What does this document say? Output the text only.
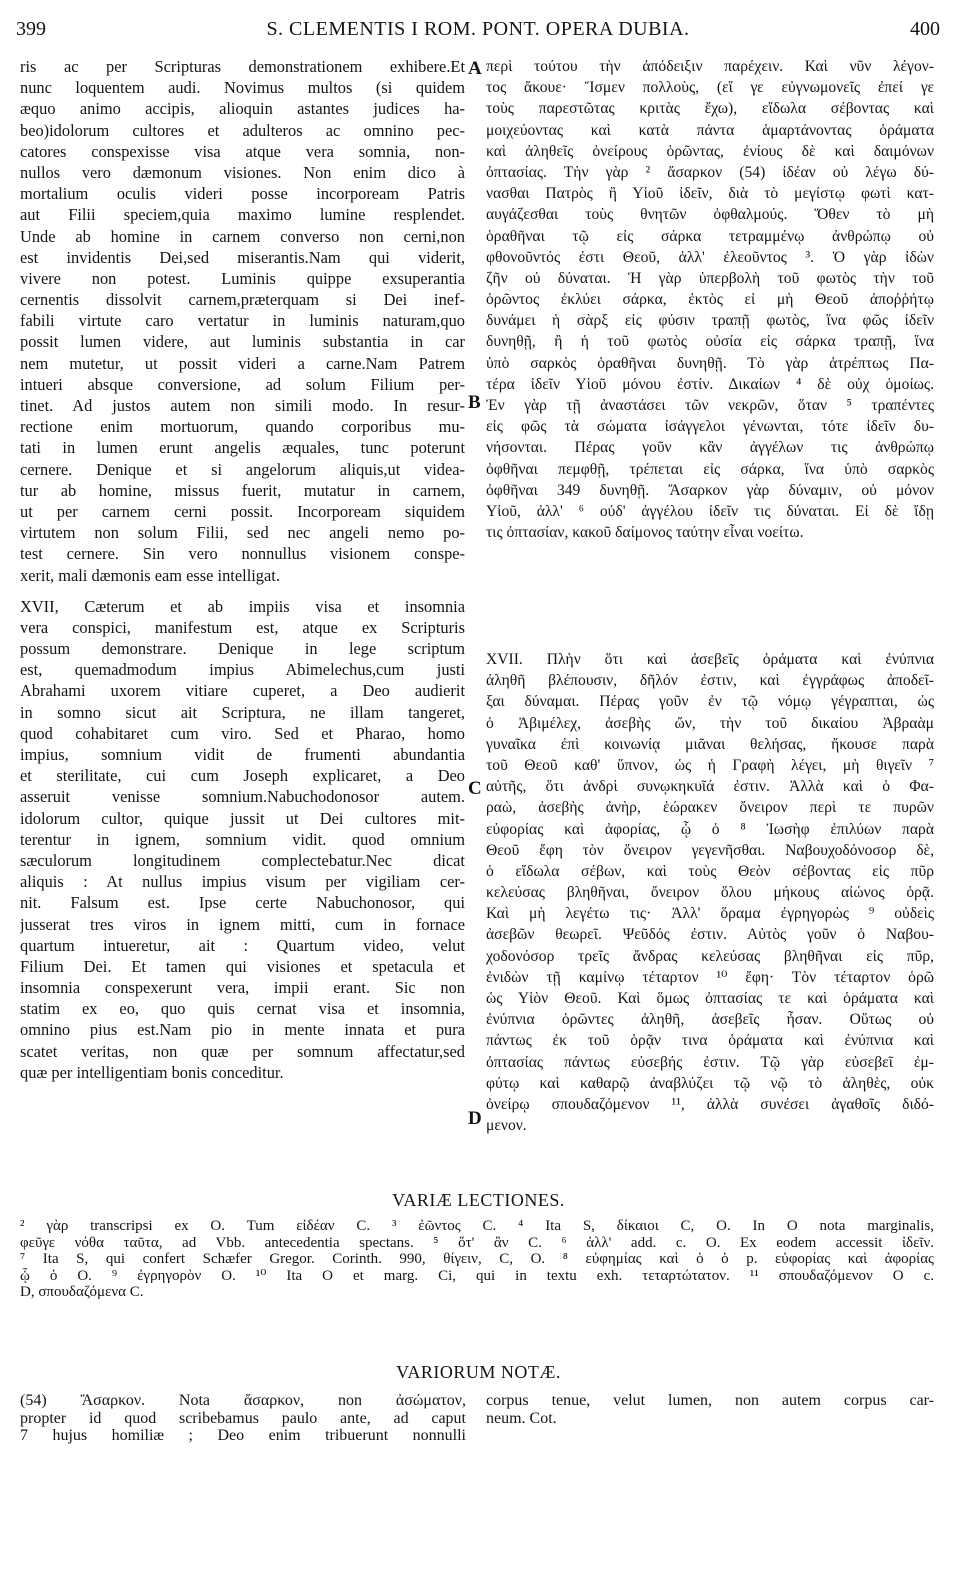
399	S. CLEMENTIS I ROM. PONT. OPERA DUBIA.	400
ris ac per Scripturas demonstrationem exhibere.Et
nunc loquentem audi. Novimus multos (si quidem
æquo animo accipis, alioquin astantes judices ha-
beo)idolorum cultores et adulteros ac omnino pec-
catores conspexisse visa atque vera somnia, non-
nullos vero dæmonum visiones. Non enim dico à
mortalium oculis videri posse incorpoream Patris
aut Filii speciem,quia maximo lumine resplendet.
Unde ab homine in carnem converso non cerni,non
est invidentis Dei,sed miserantis.Nam qui viderit,
vivere non potest. Luminis quippe exsuperantia
cernentis dissolvit carnem,præterquam si Dei inef-
fabili virtute caro vertatur in luminis naturam,quo
possit lumen videre, aut luminis substantia in car
nem mutetur, ut possit videri a carne.Nam Patrem
intueri absque conversione, ad solum Filium per-
tinet. Ad justos autem non simili modo. In resur-
rectione enim mortuorum, quando corporibus mu-
tati in lumen erunt angelis æquales, tunc poterunt
cernere. Denique et si angelorum aliquis,ut videa-
tur ab homine, missus fuerit, mutatur in carnem,
ut per carnem cerni possit. Incorpoream siquidem
virtutem non solum Filii, sed nec angeli nemo po-
test cernere. Sin vero nonnullus visionem conspe-
xerit, mali dæmonis eam esse intelligat.
XVII, Cæterum et ab impiis visa et insomnia
vera conspici, manifestum est, atque ex Scripturis
possum demonstrare. Denique in lege scriptum
est, quemadmodum impius Abimelechus,cum justi
Abrahami uxorem vitiare cuperet, a Deo audierit
in somno sicut ait Scriptura, ne illam tangeret,
quod cohabitaret cum viro. Sed et Pharao, homo
impius, somnium vidit de frumenti abundantia
et sterilitate, cui cum Joseph explicaret, a Deo
asseruit venisse somnium.Nabuchodonosor autem.
idolorum cultor, quique jussit ut Dei cultores mit-
terentur in ignem, somnium vidit. quod omnium
sæculorum longitudinem complectebatur.Nec dicat
aliquis : At nullus impius visum per vigiliam cer-
nit. Falsum est. Ipse certe Nabuchonosor, qui
jusserat tres viros in ignem mitti, cum in fornace
quartum intueretur, ait : Quartum video, velut
Filium Dei. Et tamen qui visiones et spetacula et
insomnia conspexerunt vera, impii erant. Sic non
statim ex eo, quo quis cernat visa et insomnia,
omnino pius est.Nam pio in mente innata et pura
scatet veritas, non quæ per somnum affectatur,sed
quæ per intelligentiam bonis conceditur.
περὶ τούτου τὴν ἀπόδειξιν παρέχειν. Καὶ νῦν λέγον-
τος ἄκουε· Ἴσμεν πολλοὺς, (εἴ γε εὐγνωμονεῖς ἐπεί γε
τοὺς παρεστῶτας κριτὰς ἔχω), εἴδωλα σέβοντας καὶ
μοιχεύοντας καὶ κατὰ πάντα ἁμαρτάνοντας ὁράματα
καὶ ἀληθεῖς ὀνείρους ὁρῶντας, ἐνίους δὲ καὶ δαιμόνων
ὀπτασίας. Τὴν γὰρ ² ἄσαρκον (54) ἰδέαν οὐ λέγω δύ-
νασθαι Πατρὸς ἢ Υἱοῦ ἰδεῖν, διὰ τὸ μεγίστῳ φωτὶ κατ-
αυγάζεσθαι τοὺς θνητῶν ὀφθαλμούς. Ὅθεν τὸ μὴ
ὁραθῆναι τῷ εἰς σάρκα τετραμμένῳ ἀνθρώπῳ οὐ
φθονοῦντός ἐστι Θεοῦ, ἀλλ' ἐλεοῦντος ³. Ὁ γὰρ ἰδὼν
ζῆν οὐ δύναται. Ἡ γὰρ ὑπερβολὴ τοῦ φωτὸς τὴν τοῦ
ὁρῶντος ἐκλύει σάρκα, ἐκτὸς εἰ μὴ Θεοῦ ἀποῤῥήτῳ
δυνάμει ἡ σὰρξ εἰς φύσιν τραπῇ φωτὸς, ἵνα φῶς ἰδεῖν
δυνηθῇ, ἢ ἡ τοῦ φωτὸς οὐσία εἰς σάρκα τραπῇ, ἵνα
ὑπὸ σαρκὸς ὁραθῆναι δυνηθῇ. Τὸ γὰρ ἀτρέπτως Πα-
τέρα ἰδεῖν Υἱοῦ μόνου ἐστίν. Δικαίων ⁴ δὲ οὐχ ὁμοίως.
Ἐν γὰρ τῇ ἀναστάσει τῶν νεκρῶν, ὅταν ⁵ τραπέντες
εἰς φῶς τὰ σώματα ἰσάγγελοι γένωνται, τότε ἰδεῖν δυ-
νήσονται. Πέρας γοῦν κἂν ἀγγέλων τις ἀνθρώπῳ
ὀφθῆναι πεμφθῇ, τρέπεται εἰς σάρκα, ἵνα ὑπὸ σαρκὸς
ὀφθῆναι 349 δυνηθῇ. Ἄσαρκον γὰρ δύναμιν, οὐ μόνον
Υἱοῦ, ἀλλ' ⁶ οὐδ' ἀγγέλου ἰδεῖν τις δύναται. Εἰ δὲ ἴδῃ
τις ὀπτασίαν, κακοῦ δαίμονος ταύτην εἶναι νοείτω.
XVII. Πλὴν ὅτι καὶ ἀσεβεῖς ὁράματα καὶ ἐνύπνια
ἀληθῆ βλέπουσιν, δῆλόν ἐστιν, καὶ ἐγγράφως ἀποδεῖ-
ξαι δύναμαι. Πέρας γοῦν ἐν τῷ νόμῳ γέγραπται, ὡς
ὁ Ἀβιμέλεχ, ἀσεβὴς ὤν, τὴν τοῦ δικαίου Ἀβραὰμ
γυναῖκα ἐπὶ κοινωνίᾳ μιᾶναι θελήσας, ἤκουσε παρὰ
τοῦ Θεοῦ καθ' ὕπνον, ὡς ἡ Γραφὴ λέγει, μὴ θιγεῖν ⁷
αὐτῆς, ὅτι ἀνδρὶ συνῳκηκυῖά ἐστιν. Ἀλλὰ καὶ ὁ Φα-
ραὼ, ἀσεβὴς ἀνὴρ, ἑώρακεν ὄνειρον περὶ τε πυρῶν
εὐφορίας καὶ ἀφορίας, ᾧ ὁ ⁸ Ἰωσὴφ ἐπιλύων παρὰ
Θεοῦ ἔφη τὸν ὄνειρον γεγενῆσθαι. Ναβουχοδόνοσορ δὲ,
ὁ εἴδωλα σέβων, καὶ τοὺς Θεὸν σέβοντας εἰς πῦρ
κελεύσας βληθῆναι, ὄνειρον ὅλου μήκους αἰώνος ὁρᾷ.
Καὶ μὴ λεγέτω τις· Ἀλλ' ὅραμα ἐγρηγορὼς ⁹ οὐδεὶς
ἀσεβῶν θεωρεῖ. Ψεῦδός ἐστιν. Αὐτὸς γοῦν ὁ Ναβου-
χοδονόσορ τρεῖς ἄνδρας κελεύσας βληθῆναι εἰς πῦρ,
ἐνιδὼν τῇ καμίνῳ τέταρτον ¹⁰ ἔφη· Τὸν τέταρτον ὁρῶ
ὡς Υἱὸν Θεοῦ. Καὶ ὅμως ὀπτασίας τε καὶ ὁράματα καὶ
ἐνύπνια ὁρῶντες ἀληθῆ, ἀσεβεῖς ἦσαν. Οὕτως οὐ
πάντως ἐκ τοῦ ὁρᾷν τινα ὁράματα καὶ ἐνύπνια καὶ
ὀπτασίας πάντως εὐσεβής ἐστιν. Τῷ γὰρ εὐσεβεῖ ἐμ-
φύτῳ καὶ καθαρῷ ἀναβλύζει τῷ νῷ τὸ ἀληθὲς, οὐκ
ὀνείρῳ σπουδαζόμενον ¹¹, ἀλλὰ συνέσει ἀγαθοῖς διδό-
μενον.
A
B
C
D
VARIÆ LECTIONES.
² γὰρ transcripsi ex O. Tum εἰδέαν C. ³ ἐῶντος C. ⁴ Ita S, δίκαιοι C, O. In O nota marginalis,
φεῦγε νόθα ταῦτα, ad Vbb. antecedentia spectans. ⁵ ὅτ' ἂν C. ⁶ ἀλλ' add. c. O. Ex eodem accessit ἰδεῖν.
⁷ Ita S, qui confert Schæfer Gregor. Corinth. 990, θίγειν, C, O. ⁸ εὐφημίας καὶ ὁ ὁ p. εὐφορίας καὶ ἀφορίας
ᾧ ὁ O. ⁹ ἐγρηγορὸν O. ¹⁰ Ita O et marg. Ci, qui in textu exh. τεταρτώτατον. ¹¹ σπουδαζόμενον O c.
D, σπουδαζόμενα C.
VARIORUM NOTÆ.
(54) Ἄσαρκον. Nota ἄσαρκον, non ἀσώματον,
propter id quod scribebamus paulo ante, ad caput
7 hujus homiliæ ; Deo enim tribuerunt nonnulli
corpus tenue, velut lumen, non autem corpus car-
neum. Cot.
